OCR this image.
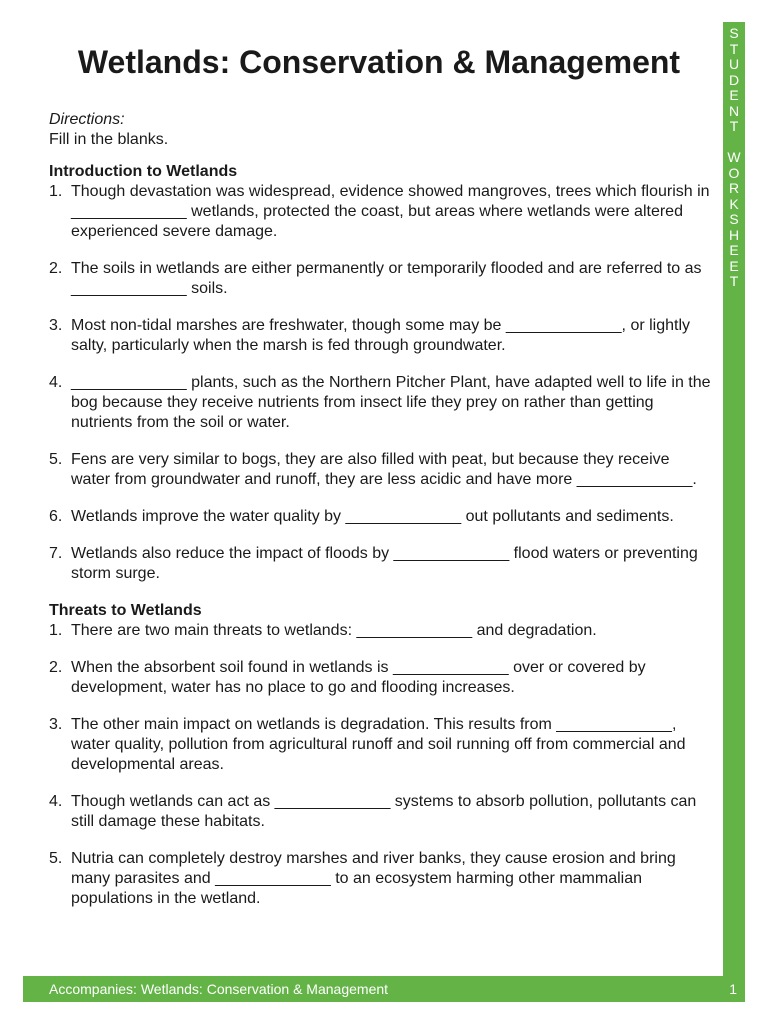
S
T
U
D
E
N
T
W
O
R
K
S
H
E
E
T
Wetlands: Conservation & Management

Directions:

Fill in the blanks.

Introduction to Wetlands

1. Though devastation was widespread, evidence showed mangroves, trees which flourish in _____________ wetlands, protected the coast, but areas where wetlands were altered experienced severe damage.
2. The soils in wetlands are either permanently or temporarily flooded and are referred to as _____________ soils.
3. Most non-tidal marshes are freshwater, though some may be _____________, or lightly salty, particularly when the marsh is fed through groundwater.
4. _____________ plants, such as the Northern Pitcher Plant, have adapted well to life in the bog because they receive nutrients from insect life they prey on rather than getting nutrients from the soil or water.
5. Fens are very similar to bogs, they are also filled with peat, but because they receive water from groundwater and runoff, they are less acidic and have more _____________.
6. Wetlands improve the water quality by _____________ out pollutants and sediments.
7. Wetlands also reduce the impact of floods by _____________ flood waters or preventing storm surge.

Threats to Wetlands

1. There are two main threats to wetlands: _____________ and degradation.
2. When the absorbent soil found in wetlands is _____________ over or covered by development, water has no place to go and flooding increases.
3. The other main impact on wetlands is degradation. This results from _____________, water quality, pollution from agricultural runoff and soil running off from commercial and developmental areas.
4. Though wetlands can act as _____________ systems to absorb pollution, pollutants can still damage these habitats.
5. Nutria can completely destroy marshes and river banks, they cause erosion and bring many parasites and _____________ to an ecosystem harming other mammalian populations in the wetland.
Accompanies: Wetlands: Conservation & Management	1
